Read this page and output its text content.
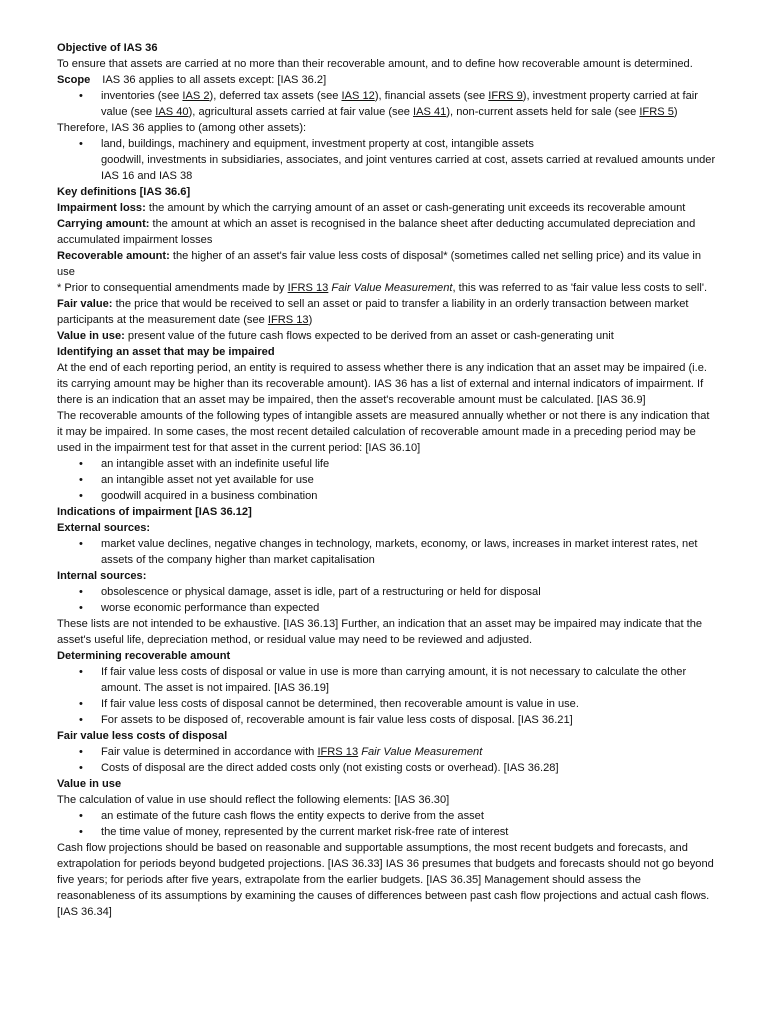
Objective of IAS 36

To ensure that assets are carried at no more than their recoverable amount, and to define how recoverable amount is determined.

Scope IAS 36 applies to all assets except: [IAS 36.2]

• inventories (see IAS 2), deferred tax assets (see IAS 12), financial assets (see IFRS 9), investment property carried at fair value (see IAS 40), agricultural assets carried at fair value (see IAS 41), non-current assets held for sale (see IFRS 5)

Therefore, IAS 36 applies to (among other assets):

• land, buildings, machinery and equipment, investment property at cost, intangible assets
goodwill, investments in subsidiaries, associates, and joint ventures carried at cost, assets carried at revalued amounts under IAS 16 and IAS 38

Key definitions [IAS 36.6]

Impairment loss: the amount by which the carrying amount of an asset or cash-generating unit exceeds its recoverable amount

Carrying amount: the amount at which an asset is recognised in the balance sheet after deducting accumulated depreciation and accumulated impairment losses

Recoverable amount: the higher of an asset's fair value less costs of disposal* (sometimes called net selling price) and its value in use

* Prior to consequential amendments made by IFRS 13 Fair Value Measurement, this was referred to as 'fair value less costs to sell'.

Fair value: the price that would be received to sell an asset or paid to transfer a liability in an orderly transaction between market participants at the measurement date (see IFRS 13)

Value in use: present value of the future cash flows expected to be derived from an asset or cash-generating unit

Identifying an asset that may be impaired

At the end of each reporting period, an entity is required to assess whether there is any indication that an asset may be impaired (i.e. its carrying amount may be higher than its recoverable amount). IAS 36 has a list of external and internal indicators of impairment. If there is an indication that an asset may be impaired, then the asset's recoverable amount must be calculated. [IAS 36.9]

The recoverable amounts of the following types of intangible assets are measured annually whether or not there is any indication that it may be impaired. In some cases, the most recent detailed calculation of recoverable amount made in a preceding period may be used in the impairment test for that asset in the current period: [IAS 36.10]

• an intangible asset with an indefinite useful life
• an intangible asset not yet available for use
• goodwill acquired in a business combination

Indications of impairment [IAS 36.12]

External sources:

• market value declines, negative changes in technology, markets, economy, or laws, increases in market interest rates, net assets of the company higher than market capitalisation

Internal sources:

• obsolescence or physical damage, asset is idle, part of a restructuring or held for disposal
• worse economic performance than expected

These lists are not intended to be exhaustive. [IAS 36.13] Further, an indication that an asset may be impaired may indicate that the asset's useful life, depreciation method, or residual value may need to be reviewed and adjusted.

Determining recoverable amount

• If fair value less costs of disposal or value in use is more than carrying amount, it is not necessary to calculate the other amount. The asset is not impaired. [IAS 36.19]
• If fair value less costs of disposal cannot be determined, then recoverable amount is value in use.
• For assets to be disposed of, recoverable amount is fair value less costs of disposal. [IAS 36.21]

Fair value less costs of disposal

• Fair value is determined in accordance with IFRS 13 Fair Value Measurement
• Costs of disposal are the direct added costs only (not existing costs or overhead). [IAS 36.28]

Value in use

The calculation of value in use should reflect the following elements: [IAS 36.30]

• an estimate of the future cash flows the entity expects to derive from the asset
• the time value of money, represented by the current market risk-free rate of interest

Cash flow projections should be based on reasonable and supportable assumptions, the most recent budgets and forecasts, and extrapolation for periods beyond budgeted projections. [IAS 36.33] IAS 36 presumes that budgets and forecasts should not go beyond five years; for periods after five years, extrapolate from the earlier budgets. [IAS 36.35] Management should assess the reasonableness of its assumptions by examining the causes of differences between past cash flow projections and actual cash flows. [IAS 36.34]
